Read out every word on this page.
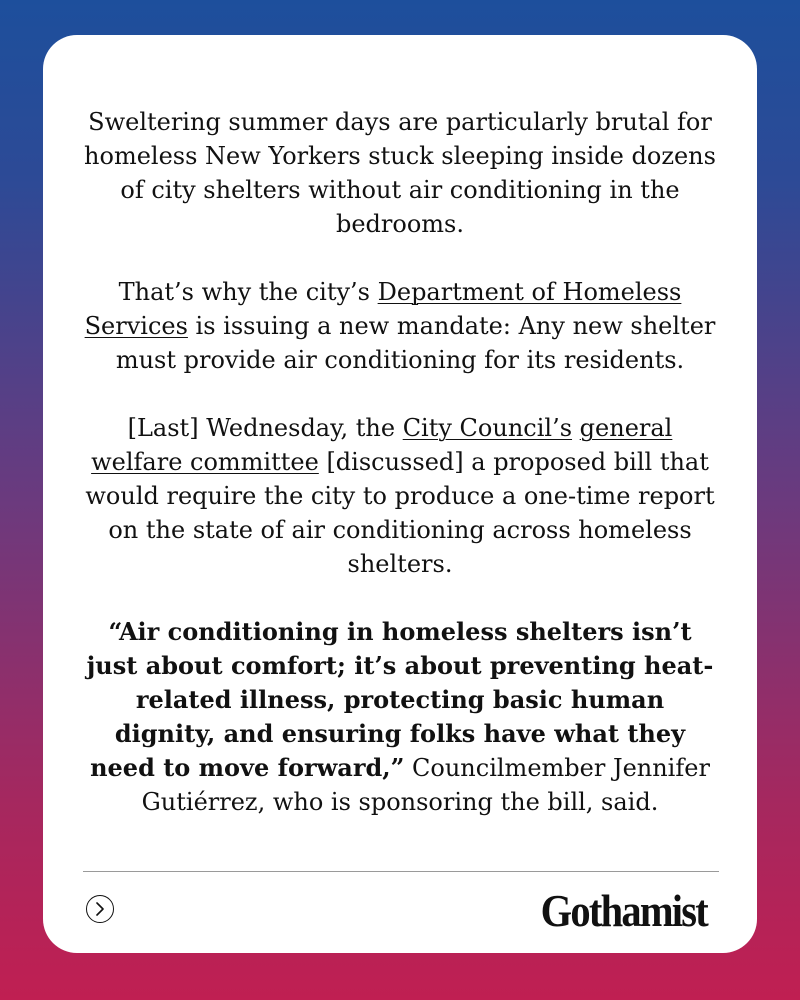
Sweltering summer days are particularly brutal for homeless New Yorkers stuck sleeping inside dozens of city shelters without air conditioning in the bedrooms.

That’s why the city’s Department of Homeless Services is issuing a new mandate: Any new shelter must provide air conditioning for its residents.

[Last] Wednesday, the City Council’s general welfare committee [discussed] a proposed bill that would require the city to produce a one-time report on the state of air conditioning across homeless shelters.

“Air conditioning in homeless shelters isn’t just about comfort; it’s about preventing heat-related illness, protecting basic human dignity, and ensuring folks have what they need to move forward,” Councilmember Jennifer Gutiérrez, who is sponsoring the bill, said.

Gothamist
